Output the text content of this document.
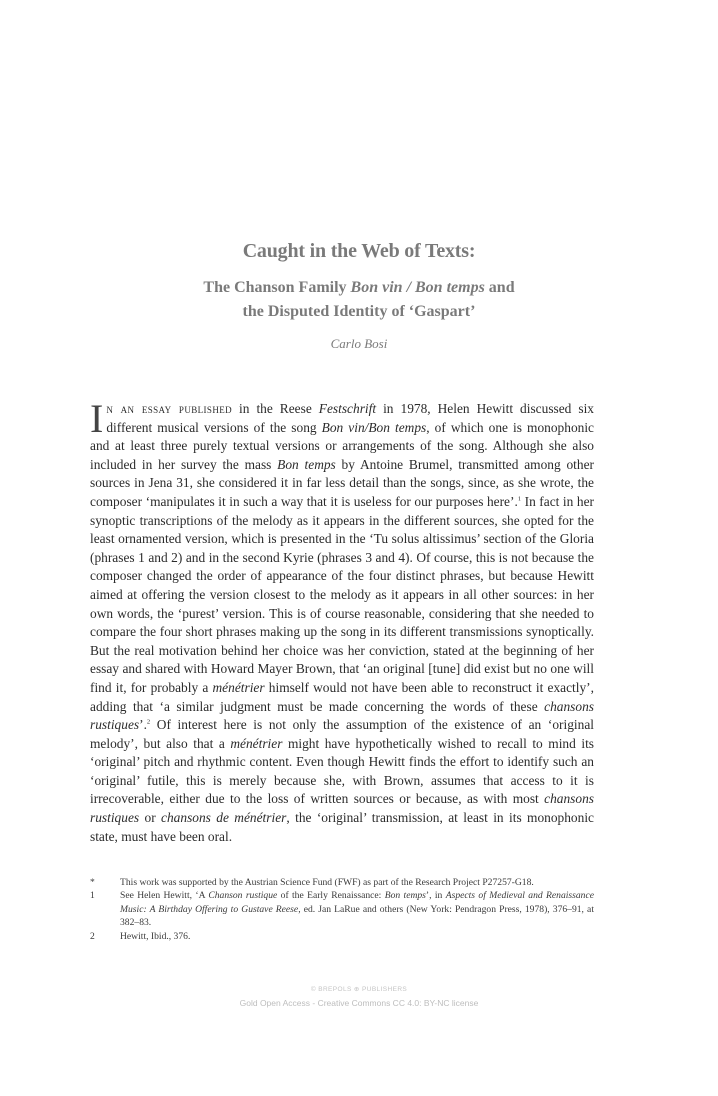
Caught in the Web of Texts:
The Chanson Family Bon vin / Bon temps and
the Disputed Identity of ‘Gaspart’
Carlo Bosi

In an essay published in the Reese Festschrift in 1978, Helen Hewitt discussed six different musical versions of the song Bon vin/Bon temps, of which one is monophonic and at least three purely textual versions or arrangements of the song. Although she also included in her survey the mass Bon temps by Antoine Brumel, transmitted among other sources in Jena 31, she considered it in far less detail than the songs, since, as she wrote, the composer ‘manipulates it in such a way that it is useless for our purposes here’.$^1$ In fact in her synoptic transcriptions of the melody as it appears in the different sources, she opted for the least ornamented version, which is presented in the ‘Tu solus altissimus’ section of the Gloria (phrases 1 and 2) and in the second Kyrie (phrases 3 and 4). Of course, this is not because the composer changed the order of appearance of the four distinct phrases, but because Hewitt aimed at offering the version closest to the melody as it appears in all other sources: in her own words, the ‘purest’ version. This is of course reasonable, considering that she needed to compare the four short phrases making up the song in its different transmissions synoptically. But the real motivation behind her choice was her conviction, stated at the beginning of her essay and shared with Howard Mayer Brown, that ‘an original [tune] did exist but no one will find it, for probably a ménétrier himself would not have been able to reconstruct it exactly’, adding that ‘a similar judgment must be made concerning the words of these chansons rustiques’.$^2$ Of interest here is not only the assumption of the existence of an ‘original melody’, but also that a ménétrier might have hypothetically wished to recall to mind its ‘original’ pitch and rhythmic content. Even though Hewitt finds the effort to identify such an ‘original’ futile, this is merely because she, with Brown, assumes that access to it is irrecoverable, either due to the loss of written sources or because, as with most chansons rustiques or chansons de ménétrier, the ‘original’ transmission, at least in its monophonic state, must have been oral.

*	This work was supported by the Austrian Science Fund (FWF) as part of the Research Project P27257-G18.
1	See Helen Hewitt, ‘A Chanson rustique of the Early Renaissance: Bon temps’, in Aspects of Medieval and Renaissance Music: A Birthday Offering to Gustave Reese, ed. Jan LaRue and others (New York: Pendragon Press, 1978), 376–91, at 382–83.
2	Hewitt, Ibid., 376.
© BREPOLS ⊕ PUBLISHERS
Gold Open Access - Creative Commons CC 4.0: BY-NC license
